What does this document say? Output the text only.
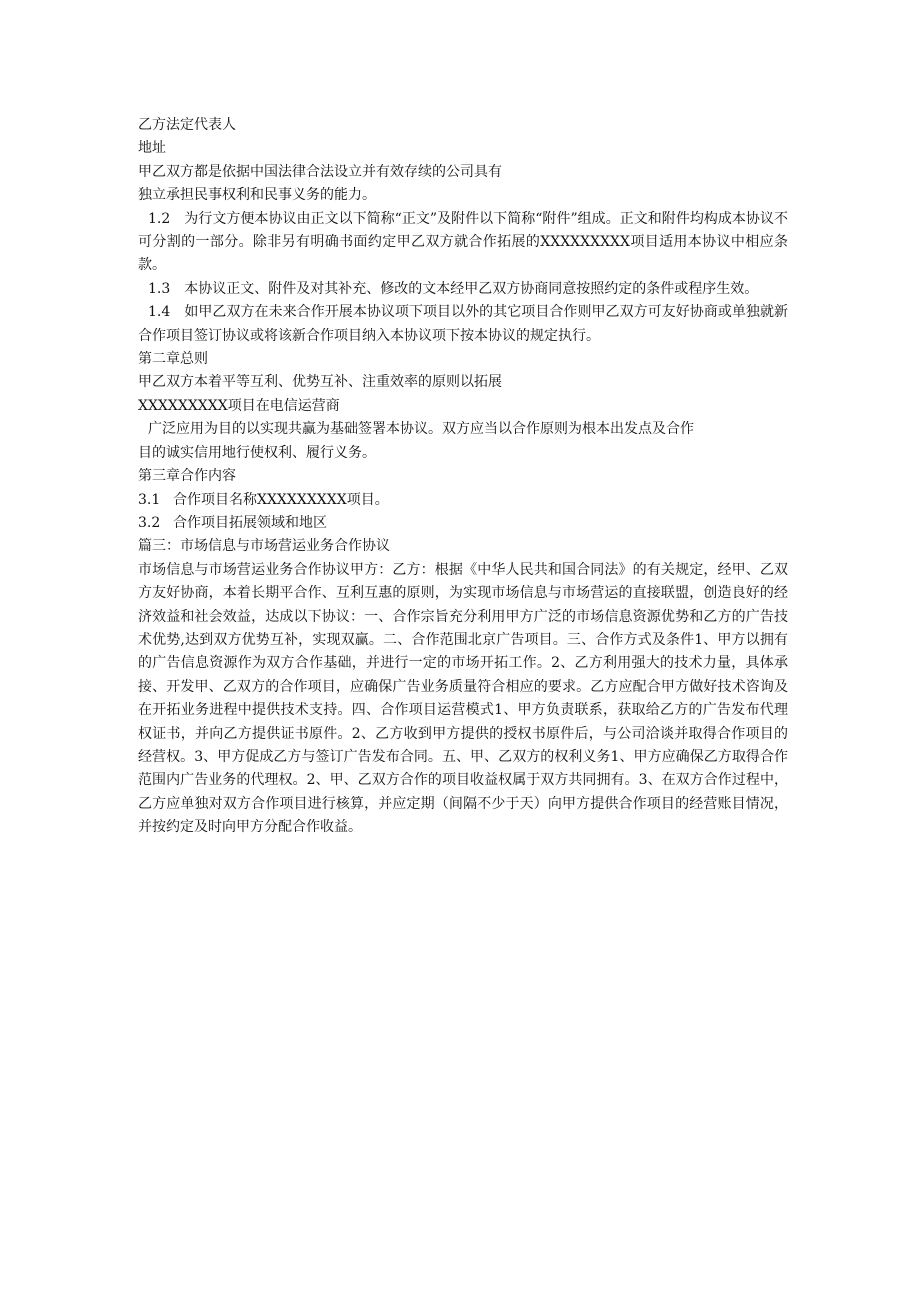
乙方法定代表人
地址
甲乙双方都是依据中国法律合法设立并有效存续的公司具有
独立承担民事权利和民事义务的能力。
1.2　为行文方便本协议由正文以下简称“正文”及附件以下简称“附件”组成。正文和附件均构成本协议不可分割的一部分。除非另有明确书面约定甲乙双方就合作拓展的XXXXXXXXX项目适用本协议中相应条款。
1.3　本协议正文、附件及对其补充、修改的文本经甲乙双方协商同意按照约定的条件或程序生效。
1.4　如甲乙双方在未来合作开展本协议项下项目以外的其它项目合作则甲乙双方可友好协商或单独就新合作项目签订协议或将该新合作项目纳入本协议项下按本协议的规定执行。
第二章总则
甲乙双方本着平等互利、优势互补、注重效率的原则以拓展
XXXXXXXXX项目在电信运营商
广泛应用为目的以实现共赢为基础签署本协议。双方应当以合作原则为根本出发点及合作
目的诚实信用地行使权利、履行义务。
第三章合作内容
3.1 合作项目名称XXXXXXXXX项目。
3.2 合作项目拓展领域和地区
篇三：市场信息与市场营运业务合作协议
市场信息与市场营运业务合作协议甲方：乙方：根据《中华人民共和国合同法》的有关规定，经甲、乙双方友好协商，本着长期平合作、互利互惠的原则，为实现市场信息与市场营运的直接联盟，创造良好的经济效益和社会效益，达成以下协议：一、合作宗旨充分利用甲方广泛的市场信息资源优势和乙方的广告技术优势,达到双方优势互补，实现双赢。二、合作范围北京广告项目。三、合作方式及条件1、甲方以拥有的广告信息资源作为双方合作基础，并进行一定的市场开拓工作。2、乙方利用强大的技术力量，具体承接、开发甲、乙双方的合作项目，应确保广告业务质量符合相应的要求。乙方应配合甲方做好技术咨询及在开拓业务进程中提供技术支持。四、合作项目运营模式1、甲方负责联系，获取给乙方的广告发布代理权证书，并向乙方提供证书原件。2、乙方收到甲方提供的授权书原件后，与公司洽谈并取得合作项目的经营权。3、甲方促成乙方与签订广告发布合同。五、甲、乙双方的权利义务1、甲方应确保乙方取得合作范围内广告业务的代理权。2、甲、乙双方合作的项目收益权属于双方共同拥有。3、在双方合作过程中，乙方应单独对双方合作项目进行核算，并应定期（间隔不少于天）向甲方提供合作项目的经营账目情况，并按约定及时向甲方分配合作收益。
